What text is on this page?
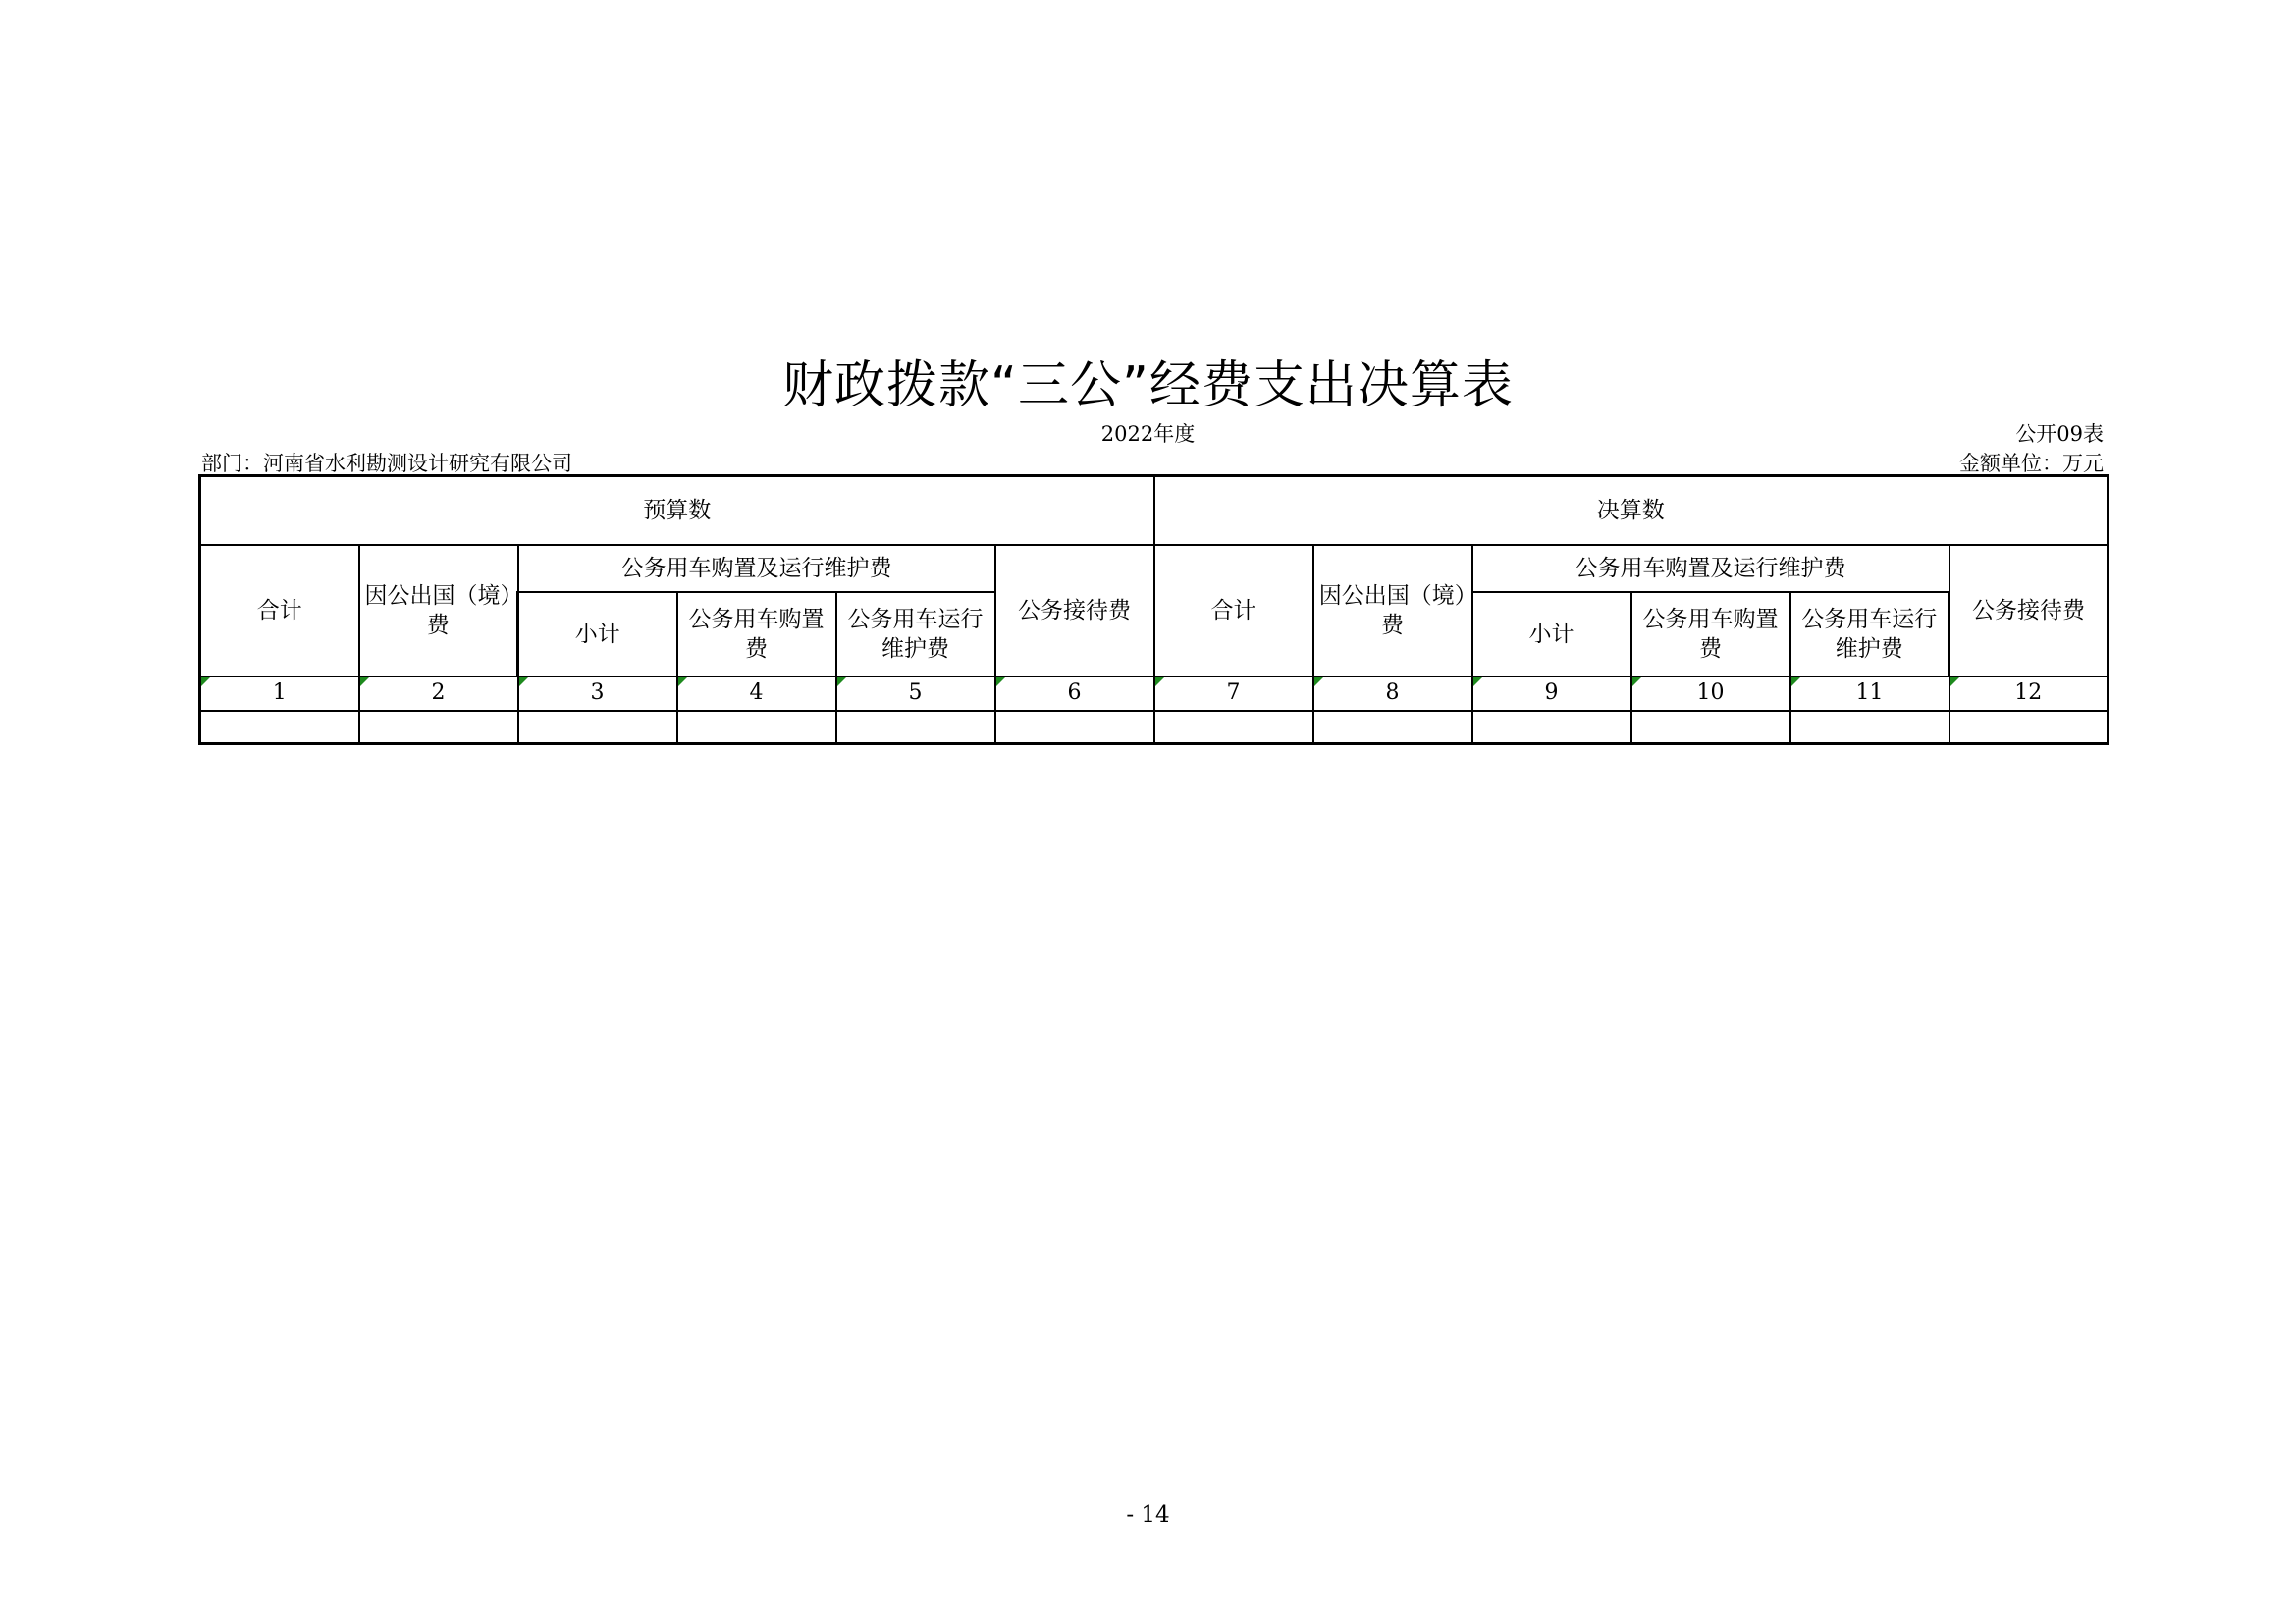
财政拨款“三公”经费支出决算表
2022年度	公开09表
部门：河南省水利勘测设计研究有限公司	金额单位：万元
预算数						决算数					
合计	因公出国（境）费	公务用车购置及运行维护费			公务接待费	合计	因公出国（境）费	公务用车购置及运行维护费			公务接待费
		小计	公务用车购置费	公务用车运行维护费				小计	公务用车购置费	公务用车运行维护费	

1	2	3	4	5	6	7	8	9	10	11	12

- 14
